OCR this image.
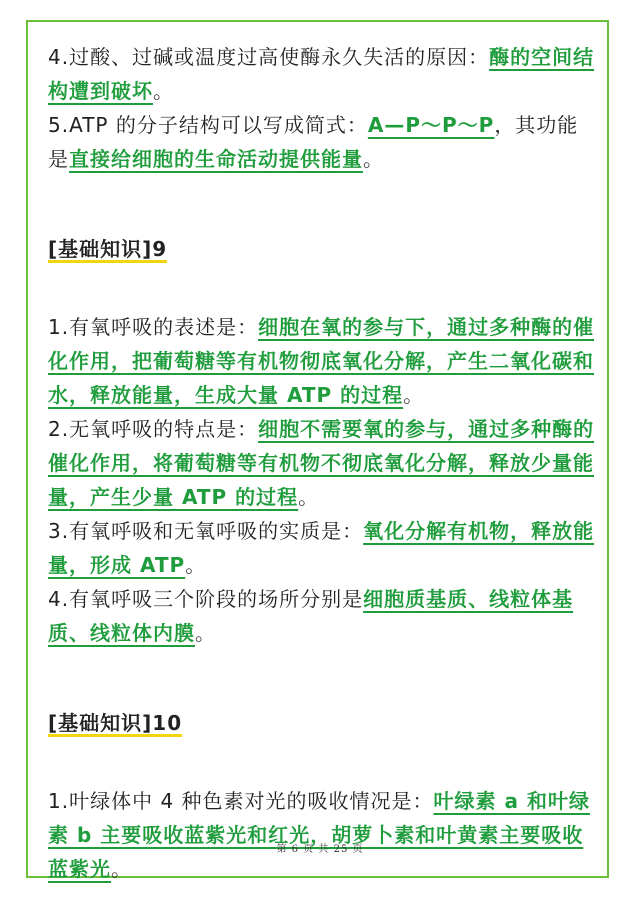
4.过酸、过碱或温度过高使酶永久失活的原因：酶的空间结构遭到破坏。

5.ATP 的分子结构可以写成简式：A—P～P～P，其功能是直接给细胞的生命活动提供能量。

[基础知识]9

1.有氧呼吸的表述是：细胞在氧的参与下，通过多种酶的催化作用，把葡萄糖等有机物彻底氧化分解，产生二氧化碳和水，释放能量，生成大量 ATP 的过程。

2.无氧呼吸的特点是：细胞不需要氧的参与，通过多种酶的催化作用，将葡萄糖等有机物不彻底氧化分解，释放少量能量，产生少量 ATP 的过程。

3.有氧呼吸和无氧呼吸的实质是：氧化分解有机物，释放能量，形成 ATP。

4.有氧呼吸三个阶段的场所分别是细胞质基质、线粒体基质、线粒体内膜。

[基础知识]10

1.叶绿体中 4 种色素对光的吸收情况是：叶绿素 a 和叶绿素 b 主要吸收蓝紫光和红光，胡萝卜素和叶黄素主要吸收蓝紫光。

第 6 页 共 25 页
